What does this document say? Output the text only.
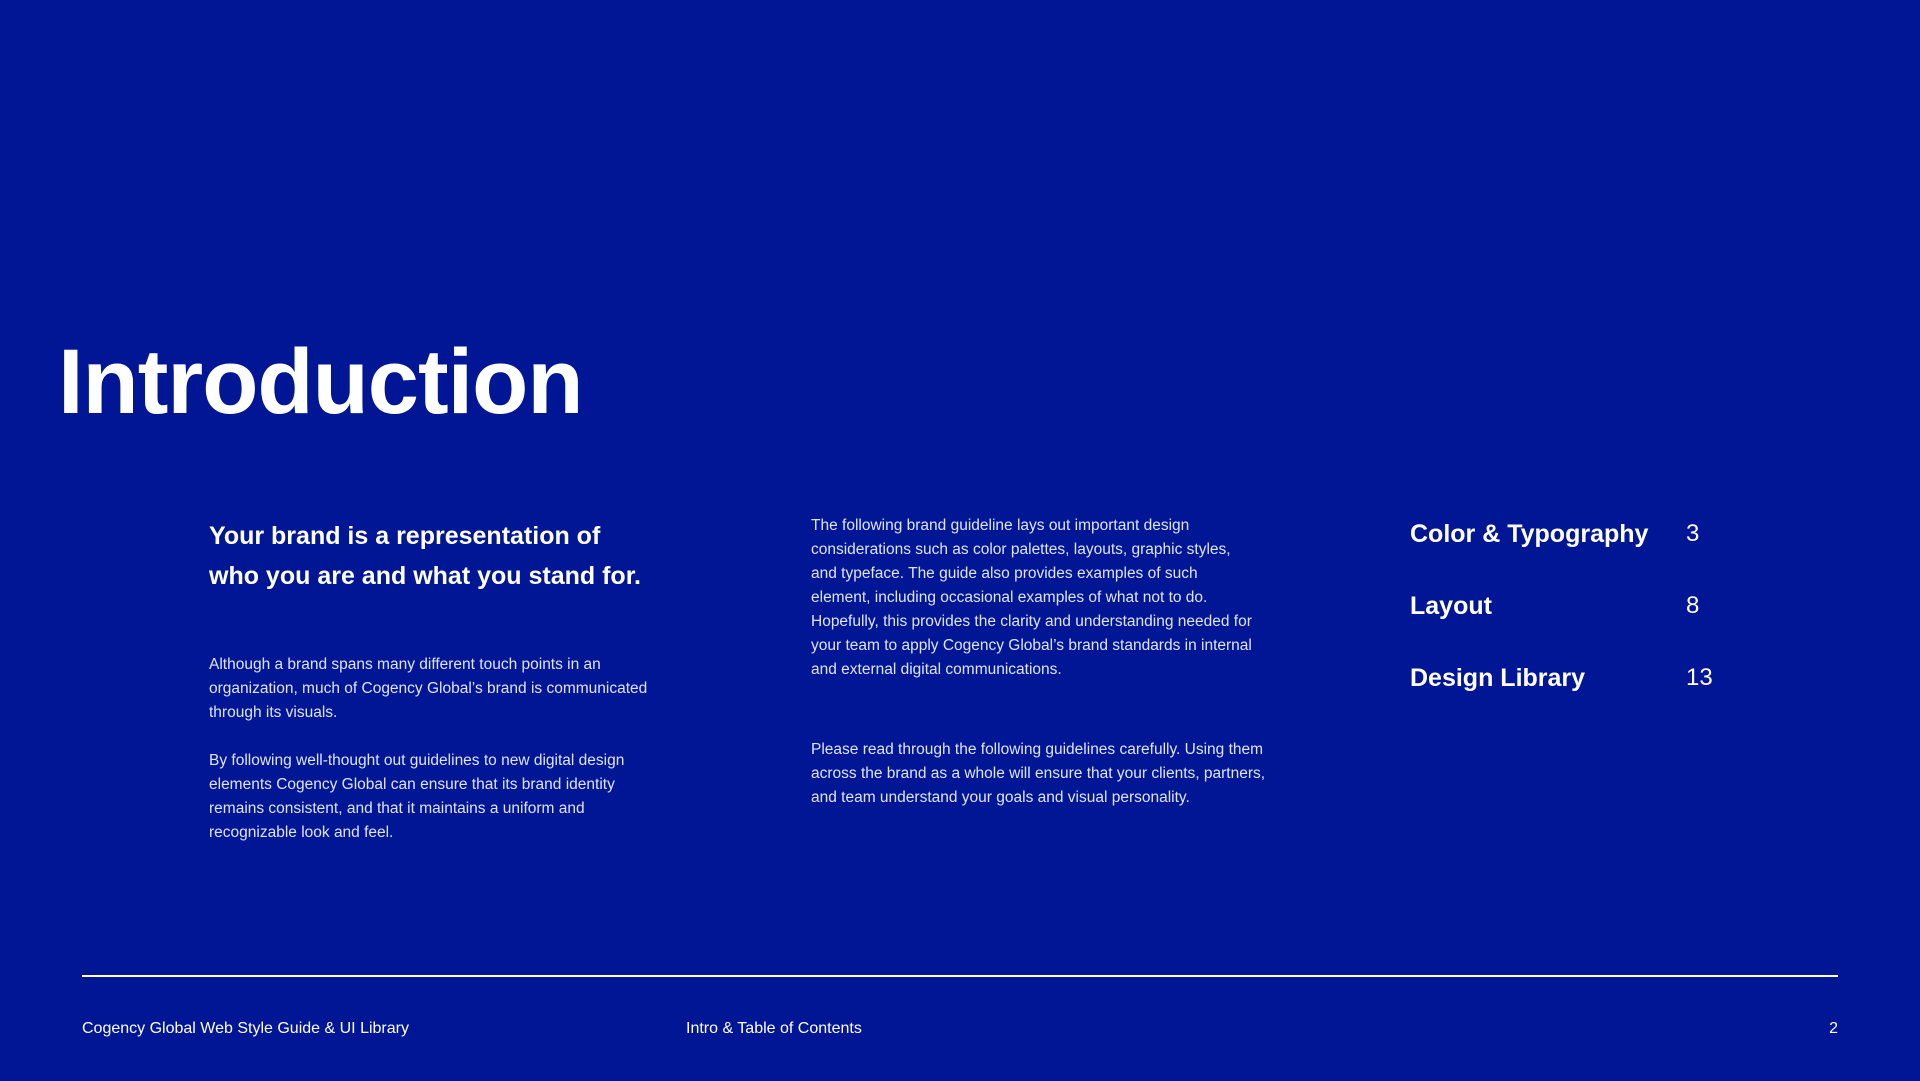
Introduction
Your brand is a representation of who you are and what you stand for.

Although a brand spans many different touch points in an organization, much of Cogency Global’s brand is communicated through its visuals.

By following well-thought out guidelines to new digital design elements Cogency Global can ensure that its brand identity remains consistent, and that it maintains a uniform and recognizable look and feel.

The following brand guideline lays out important design considerations such as color palettes, layouts, graphic styles, and typeface. The guide also provides examples of such element, including occasional examples of what not to do. Hopefully, this provides the clarity and understanding needed for your team to apply Cogency Global’s brand standards in internal and external digital communications.

Please read through the following guidelines carefully. Using them across the brand as a whole will ensure that your clients, partners, and team understand your goals and visual personality.

Color & Typography 3
Layout	8
Design Library	13
Cogency Global Web Style Guide & UI Library	Intro & Table of Contents	2
